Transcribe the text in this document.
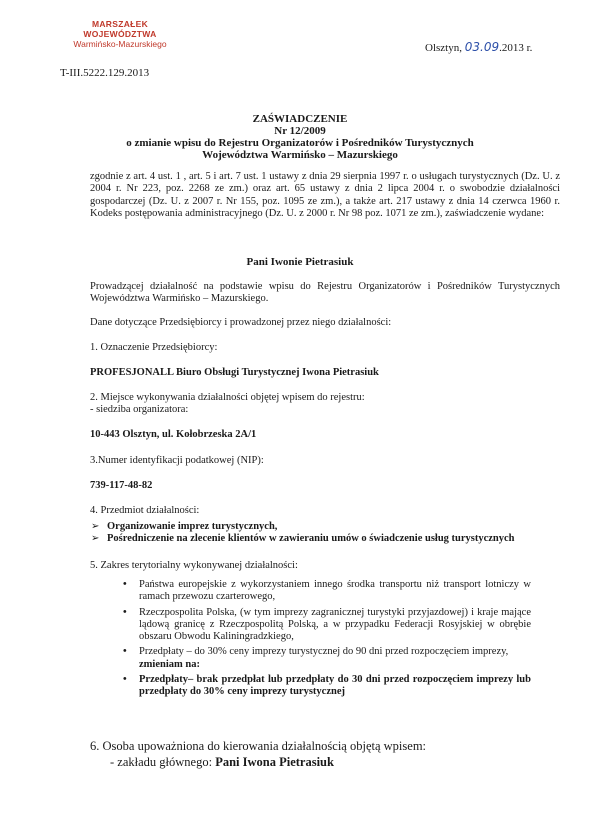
MARSZAŁEK
WOJEWÓDZTWA
Warmińsko-Mazurskiego	Olsztyn, 03.09.2013 r.
T-III.5222.129.2013
ZAŚWIADCZENIE
Nr 12/2009
o zmianie wpisu do Rejestru Organizatorów i Pośredników Turystycznych
Województwa Warmińsko – Mazurskiego
zgodnie z art. 4 ust. 1 , art. 5 i art. 7 ust. 1 ustawy z dnia 29 sierpnia 1997 r. o usługach turystycznych (Dz. U. z 2004 r. Nr 223, poz. 2268 ze zm.) oraz art. 65 ustawy z dnia 2 lipca 2004 r. o swobodzie działalności gospodarczej (Dz. U. z 2007 r. Nr 155, poz. 1095 ze zm.), a także art. 217 ustawy z dnia 14 czerwca 1960 r. Kodeks postępowania administracyjnego (Dz. U. z 2000 r. Nr 98 poz. 1071 ze zm.), zaświadczenie wydane:
Pani Iwonie Pietrasiuk
Prowadzącej działalność na podstawie wpisu do Rejestru Organizatorów i Pośredników Turystycznych Województwa Warmińsko – Mazurskiego.
Dane dotyczące Przedsiębiorcy i prowadzonej przez niego działalności:
1. Oznaczenie Przedsiębiorcy:
PROFESJONALL Biuro Obsługi Turystycznej Iwona Pietrasiuk
2. Miejsce wykonywania działalności objętej wpisem do rejestru:
- siedziba organizatora:
10-443 Olsztyn, ul. Kołobrzeska 2A/1
3.Numer identyfikacji podatkowej (NIP):
739-117-48-82
4. Przedmiot działalności:
➢ Organizowanie imprez turystycznych,
➢ Pośredniczenie na zlecenie klientów w zawieraniu umów o świadczenie usług turystycznych
5. Zakres terytorialny wykonywanej działalności:
• Państwa europejskie z wykorzystaniem innego środka transportu niż transport lotniczy w ramach przewozu czarterowego,
• Rzeczpospolita Polska, (w tym imprezy zagranicznej turystyki przyjazdowej) i kraje mające lądową granicę z Rzeczpospolitą Polską, a w przypadku Federacji Rosyjskiej w obrębie obszaru Obwodu Kaliningradzkiego,
• Przedpłaty – do 30% ceny imprezy turystycznej do 90 dni przed rozpoczęciem imprezy,
zmieniam na:
• Przedpłaty– brak przedpłat lub przedpłaty do 30 dni przed rozpoczęciem imprezy lub przedpłaty do 30% ceny imprezy turystycznej
6. Osoba upoważniona do kierowania działalnością objętą wpisem:
- zakładu głównego: Pani Iwona Pietrasiuk
